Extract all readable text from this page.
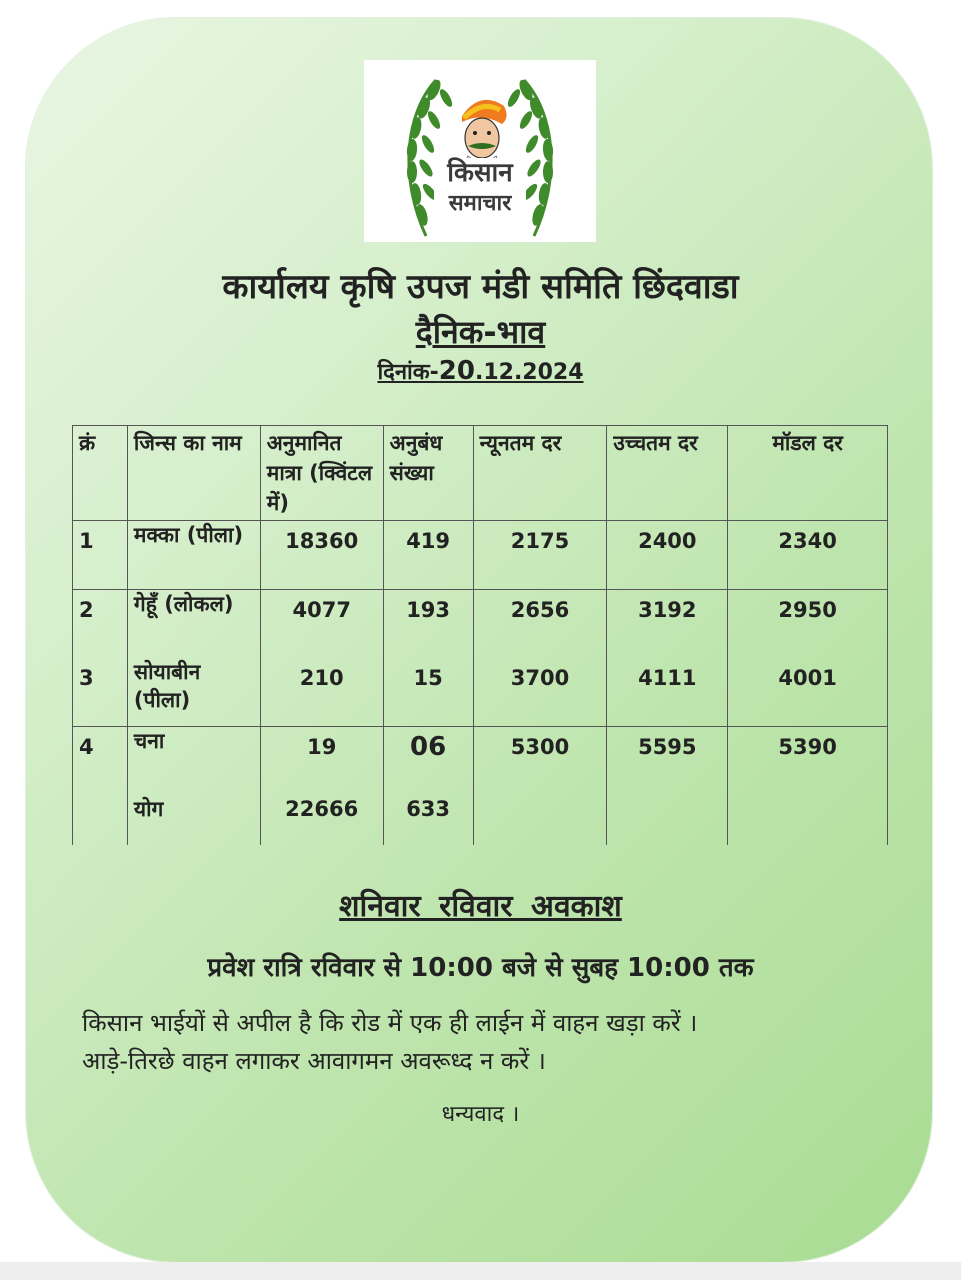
किसान
समाचार
कार्यालय कृषि उपज मंडी समिति छिंदवाडा
दैनिक-भाव
दिनांक-20.12.2024
क्रं	जिन्स का नाम	अनुमानित मात्रा (क्विंटल में)	अनुबंध संख्या	न्यूनतम दर	उच्चतम दर	मॉडल दर
1	मक्का (पीला)	18360	419	2175	2400	2340
2	गेहूँ (लोकल)	4077	193	2656	3192	2950
3	सोयाबीन (पीला)	210	15	3700	4111	4001
4	चना	19	06	5300	5595	5390
	योग	22666	633			
शनिवार रविवार अवकाश
प्रवेश रात्रि रविवार से 10:00 बजे से सुबह 10:00 तक
किसान भाईयों से अपील है कि रोड में एक ही लाईन में वाहन खड़ा करें ।
आड़े-तिरछे वाहन लगाकर आवागमन अवरूध्द न करें ।
धन्यवाद ।
